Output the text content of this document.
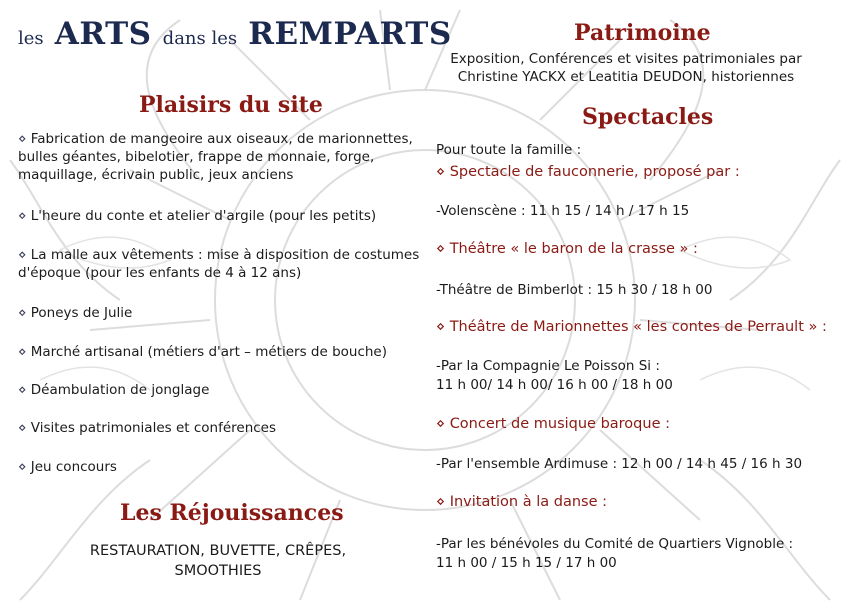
les ARTS dans les REMPARTS
Plaisirs du site

⋄ Fabrication de mangeoire aux oiseaux, de marionnettes, bulles géantes, bibelotier, frappe de monnaie, forge, maquillage, écrivain public, jeux anciens

⋄ L'heure du conte et atelier d'argile (pour les petits)

⋄ La malle aux vêtements : mise à disposition de costumes d'époque (pour les enfants de 4 à 12 ans)

⋄ Poneys de Julie

⋄ Marché artisanal (métiers d'art – métiers de bouche)

⋄ Déambulation de jonglage

⋄ Visites patrimoniales et conférences

⋄ Jeu concours

Les Réjouissances

RESTAURATION, BUVETTE, CRÊPES,

SMOOTHIES

Patrimoine

Exposition, Conférences et visites patrimoniales par

Christine YACKX et Leatitia DEUDON, historiennes

Spectacles

Pour toute la famille :

⋄ Spectacle de fauconnerie, proposé par :

-Volenscène : 11 h 15 / 14 h / 17 h 15

⋄ Théâtre « le baron de la crasse » :

-Théâtre de Bimberlot : 15 h 30 / 18 h 00

⋄ Théâtre de Marionnettes « les contes de Perrault » :

-Par la Compagnie Le Poisson Si :

11 h 00/ 14 h 00/ 16 h 00 / 18 h 00

⋄ Concert de musique baroque :

-Par l'ensemble Ardimuse : 12 h 00 / 14 h 45 / 16 h 30

⋄ Invitation à la danse :

-Par les bénévoles du Comité de Quartiers Vignoble :

11 h 00 / 15 h 15 / 17 h 00
